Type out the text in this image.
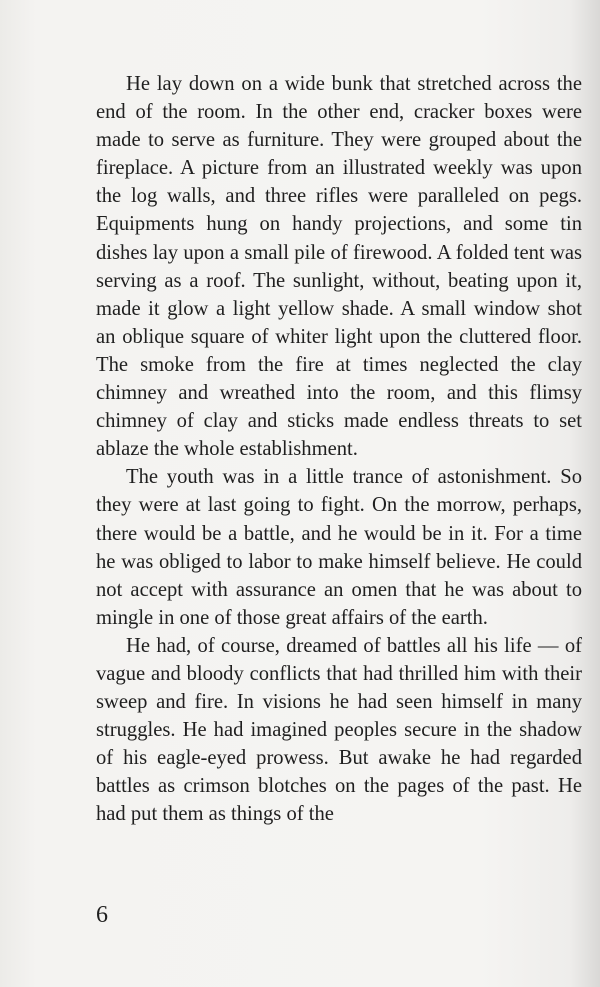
He lay down on a wide bunk that stretched across the end of the room. In the other end, cracker boxes were made to serve as furniture. They were grouped about the fireplace. A picture from an illustrated weekly was upon the log walls, and three rifles were paralleled on pegs. Equipments hung on handy projections, and some tin dishes lay upon a small pile of firewood. A folded tent was serving as a roof. The sunlight, without, beating upon it, made it glow a light yellow shade. A small window shot an oblique square of whiter light upon the cluttered floor. The smoke from the fire at times neglected the clay chimney and wreathed into the room, and this flimsy chimney of clay and sticks made endless threats to set ablaze the whole establishment.

The youth was in a little trance of astonishment. So they were at last going to fight. On the morrow, perhaps, there would be a battle, and he would be in it. For a time he was obliged to labor to make himself believe. He could not accept with assurance an omen that he was about to mingle in one of those great affairs of the earth.

He had, of course, dreamed of battles all his life — of vague and bloody conflicts that had thrilled him with their sweep and fire. In visions he had seen himself in many struggles. He had imagined peoples secure in the shadow of his eagle-eyed prowess. But awake he had regarded battles as crimson blotches on the pages of the past. He had put them as things of the

6
